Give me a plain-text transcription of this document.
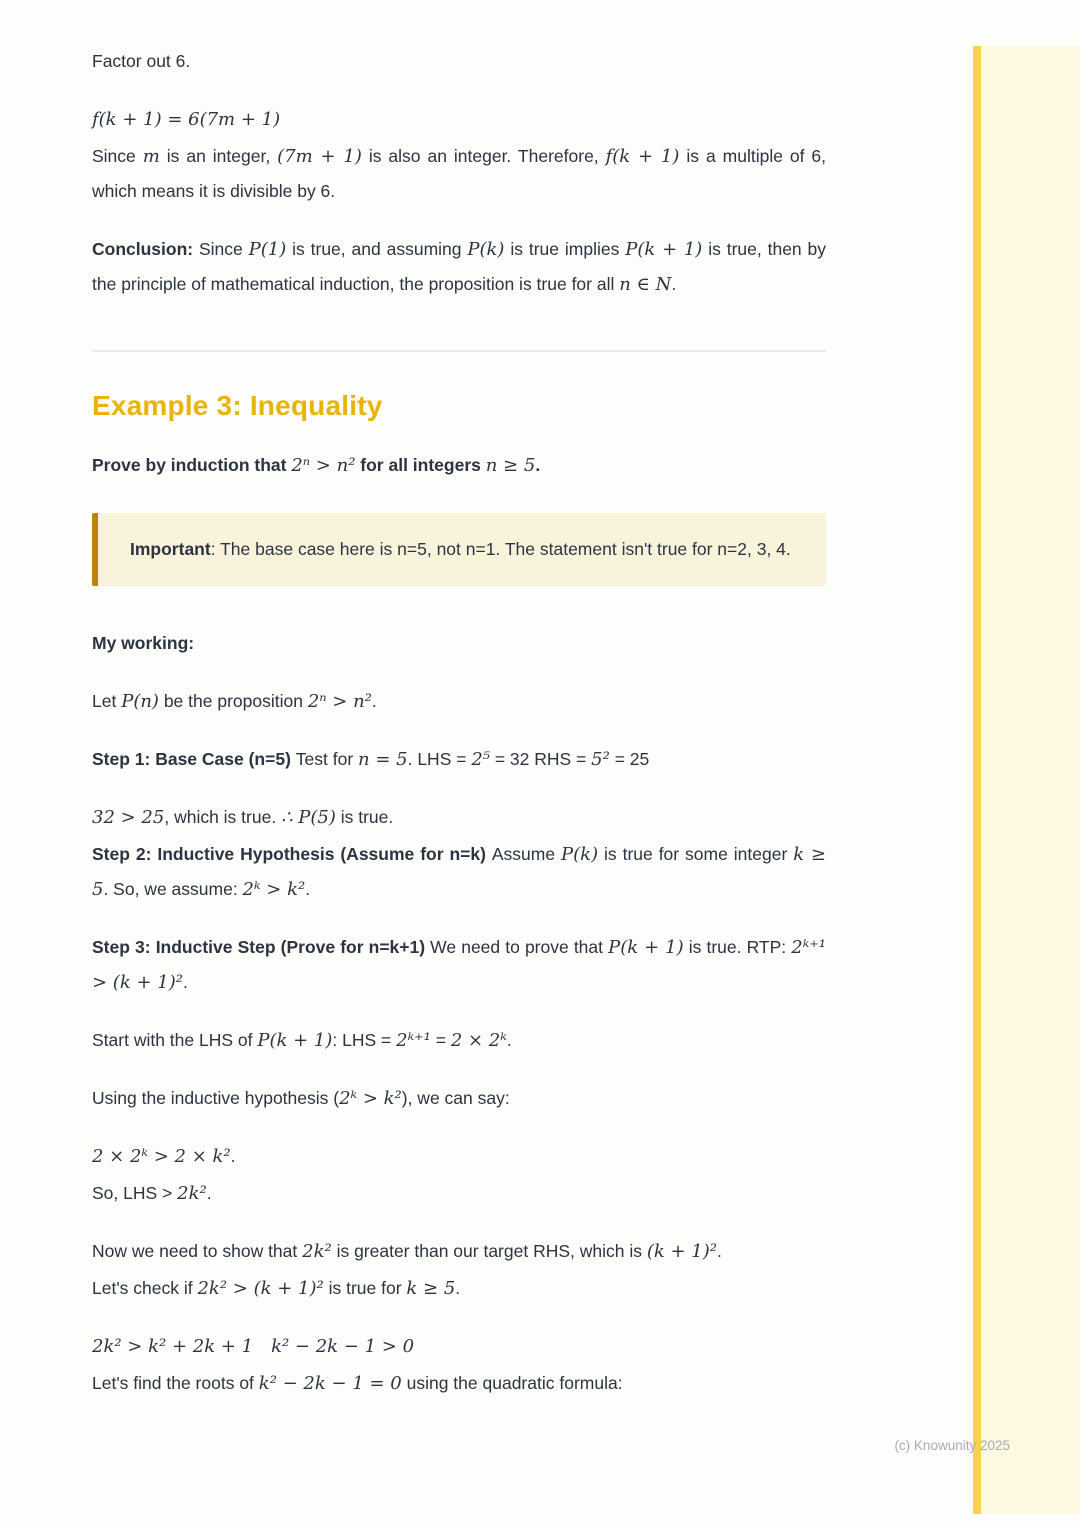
Factor out 6.

f(k + 1) = 6(7m + 1)

Since m is an integer, (7m + 1) is also an integer. Therefore, f(k + 1) is a multiple of 6, which means it is divisible by 6.

Conclusion: Since P(1) is true, and assuming P(k) is true implies P(k + 1) is true, then by the principle of mathematical induction, the proposition is true for all n ∈ N.

Example 3: Inequality

Prove by induction that 2ⁿ > n² for all integers n ≥ 5.

Important: The base case here is n=5, not n=1. The statement isn't true for n=2, 3, 4.

My working:

Let P(n) be the proposition 2ⁿ > n².

Step 1: Base Case (n=5) Test for n = 5. LHS = 2⁵ = 32 RHS = 5² = 25

32 > 25, which is true. ∴ P(5) is true.

Step 2: Inductive Hypothesis (Assume for n=k) Assume P(k) is true for some integer k ≥ 5. So, we assume: 2ᵏ > k².

Step 3: Inductive Step (Prove for n=k+1) We need to prove that P(k + 1) is true. RTP: 2ᵏ⁺¹ > (k + 1)².

Start with the LHS of P(k + 1): LHS = 2ᵏ⁺¹ = 2 × 2ᵏ.

Using the inductive hypothesis (2ᵏ > k²), we can say:

2 × 2ᵏ > 2 × k².

So, LHS > 2k².

Now we need to show that 2k² is greater than our target RHS, which is (k + 1)².

Let's check if 2k² > (k + 1)² is true for k ≥ 5.

2k² > k² + 2k + 1 k² − 2k − 1 > 0

Let's find the roots of k² − 2k − 1 = 0 using the quadratic formula:

(c) Knowunity 2025
